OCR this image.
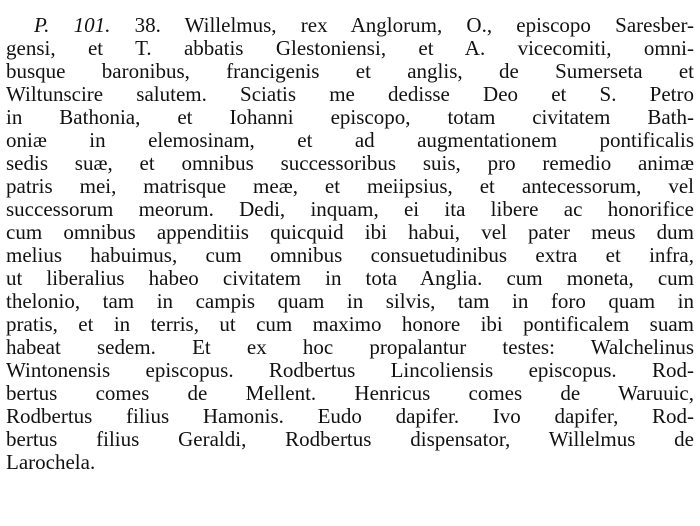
P. 101. 38. Willelmus, rex Anglorum, O., episcopo Saresber-
gensi, et T. abbatis Glestoniensi, et A. vicecomiti, omni-
busque baronibus, francigenis et anglis, de Sumerseta et
Wiltunscire salutem. Sciatis me dedisse Deo et S. Petro
in Bathonia, et Iohanni episcopo, totam civitatem Bath-
oniæ in elemosinam, et ad augmentationem pontificalis
sedis suæ, et omnibus successoribus suis, pro remedio animæ
patris mei, matrisque meæ, et meiipsius, et antecessorum, vel
successorum meorum. Dedi, inquam, ei ita libere ac honorifice
cum omnibus appenditiis quicquid ibi habui, vel pater meus dum
melius habuimus, cum omnibus consuetudinibus extra et infra,
ut liberalius habeo civitatem in tota Anglia. cum moneta, cum
thelonio, tam in campis quam in silvis, tam in foro quam in
pratis, et in terris, ut cum maximo honore ibi pontificalem suam
habeat sedem. Et ex hoc propalantur testes: Walchelinus
Wintonensis episcopus. Rodbertus Lincoliensis episcopus. Rod-
bertus comes de Mellent. Henricus comes de Waruuic,
Rodbertus filius Hamonis. Eudo dapifer. Ivo dapifer, Rod-
bertus filius Geraldi, Rodbertus dispensator, Willelmus de
Larochela.
